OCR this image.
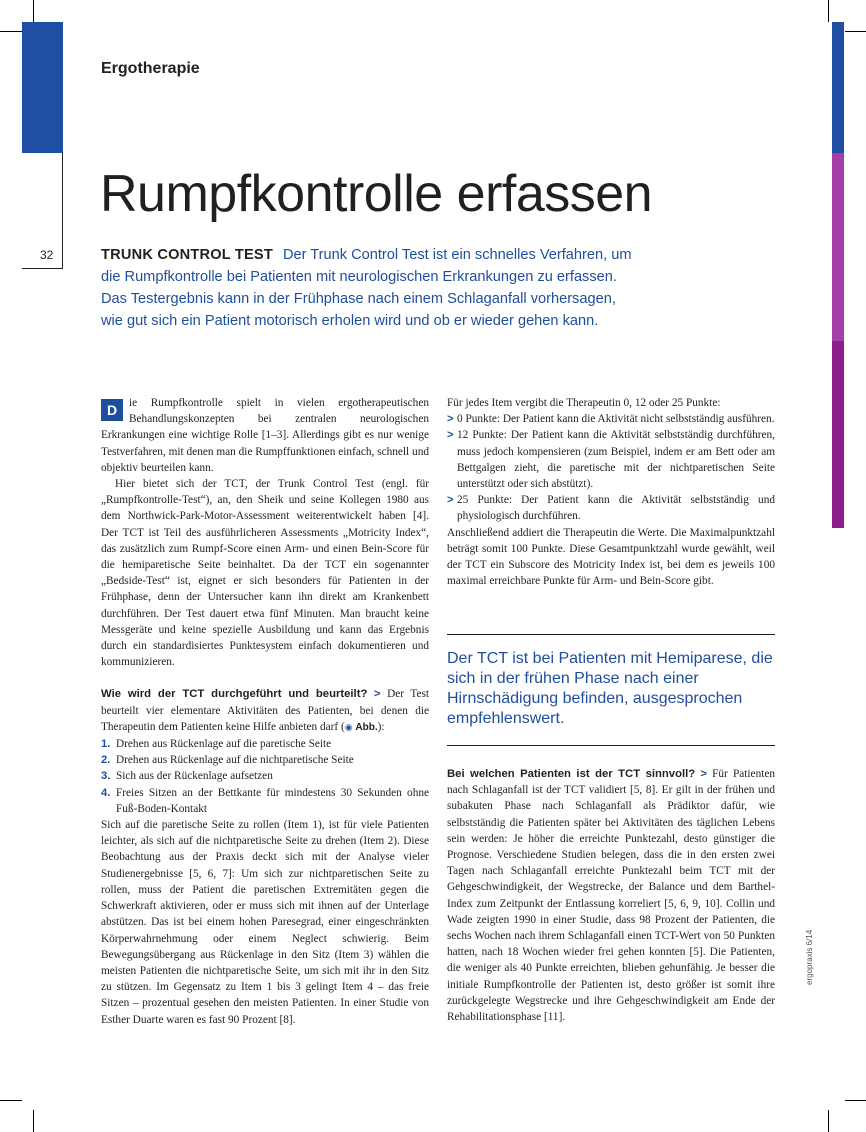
32
Ergotherapie
Rumpfkontrolle erfassen
TRUNK CONTROL TEST Der Trunk Control Test ist ein schnelles Verfahren, um die Rumpfkontrolle bei Patienten mit neurologischen Erkrankungen zu erfassen. Das Testergebnis kann in der Frühphase nach einem Schlaganfall vorhersagen, wie gut sich ein Patient motorisch erholen wird und ob er wieder gehen kann.

D	ie Rumpfkontrolle spielt in vielen ergotherapeutischen Behandlungskonzepten bei zentralen neurologischen Erkrankungen eine wichtige Rolle [1–3]. Allerdings gibt es nur wenige Testverfahren, mit denen man die Rumpffunktionen einfach, schnell und objektiv beurteilen kann.

Hier bietet sich der TCT, der Trunk Control Test (engl. für „Rumpfkontrolle-Test“), an, den Sheik und seine Kollegen 1980 aus dem Northwick-Park-Motor-Assessment weiterentwickelt haben [4]. Der TCT ist Teil des ausführlicheren Assessments „Motricity Index“, das zusätzlich zum Rumpf-Score einen Arm- und einen Bein-Score für die hemiparetische Seite beinhaltet. Da der TCT ein sogenannter „Bedside-Test“ ist, eignet er sich besonders für Patienten in der Frühphase, denn der Untersucher kann ihn direkt am Krankenbett durchführen. Der Test dauert etwa fünf Minuten. Man braucht keine Messgeräte und keine spezielle Ausbildung und kann das Ergebnis durch ein standardisiertes Punktesystem einfach dokumentieren und kommunizieren.

Wie wird der TCT durchgeführt und beurteilt? > Der Test beurteilt vier elementare Aktivitäten des Patienten, bei denen die Therapeutin dem Patienten keine Hilfe anbieten darf (◉ Abb.):

1. Drehen aus Rückenlage auf die paretische Seite
2. Drehen aus Rückenlage auf die nichtparetische Seite
3. Sich aus der Rückenlage aufsetzen
4. Freies Sitzen an der Bettkante für mindestens 30 Sekunden ohne Fuß-Boden-Kontakt

Sich auf die paretische Seite zu rollen (Item 1), ist für viele Patienten leichter, als sich auf die nichtparetische Seite zu drehen (Item 2). Diese Beobachtung aus der Praxis deckt sich mit der Analyse vieler Studienergebnisse [5, 6, 7]: Um sich zur nichtparetischen Seite zu rollen, muss der Patient die paretischen Extremitäten gegen die Schwerkraft aktivieren, oder er muss sich mit ihnen auf der Unterlage abstützen. Das ist bei einem hohen Paresegrad, einer eingeschränkten Körperwahrnehmung oder einem Neglect schwierig. Beim Bewegungsübergang aus Rückenlage in den Sitz (Item 3) wählen die meisten Patienten die nichtparetische Seite, um sich mit ihr in den Sitz zu stützen. Im Gegensatz zu Item 1 bis 3 gelingt Item 4 – das freie Sitzen – prozentual gesehen den meisten Patienten. In einer Studie von Esther Duarte waren es fast 90 Prozent [8].

Für jedes Item vergibt die Therapeutin 0, 12 oder 25 Punkte:

> 0 Punkte: Der Patient kann die Aktivität nicht selbstständig ausführen.
> 12 Punkte: Der Patient kann die Aktivität selbstständig durchführen, muss jedoch kompensieren (zum Beispiel, indem er am Bett oder am Bettgalgen zieht, die paretische mit der nichtparetischen Seite unterstützt oder sich abstützt).
> 25 Punkte: Der Patient kann die Aktivität selbstständig und physiologisch durchführen.

Anschließend addiert die Therapeutin die Werte. Die Maximalpunktzahl beträgt somit 100 Punkte. Diese Gesamtpunktzahl wurde gewählt, weil der TCT ein Subscore des Motricity Index ist, bei dem es jeweils 100 maximal erreichbare Punkte für Arm- und Bein-Score gibt.

Der TCT ist bei Patienten mit Hemiparese, die sich in der frühen Phase nach einer Hirnschädigung befinden, ausgesprochen empfehlenswert.

Bei welchen Patienten ist der TCT sinnvoll? > Für Patienten nach Schlaganfall ist der TCT validiert [5, 8]. Er gilt in der frühen und subakuten Phase nach Schlaganfall als Prädiktor dafür, wie selbstständig die Patienten später bei Aktivitäten des täglichen Lebens sein werden: Je höher die erreichte Punktezahl, desto günstiger die Prognose. Verschiedene Studien belegen, dass die in den ersten zwei Tagen nach Schlaganfall erreichte Punktezahl beim TCT mit der Gehgeschwindigkeit, der Wegstrecke, der Balance und dem Barthel-Index zum Zeitpunkt der Entlassung korreliert [5, 6, 9, 10]. Collin und Wade zeigten 1990 in einer Studie, dass 98 Prozent der Patienten, die sechs Wochen nach ihrem Schlaganfall einen TCT-Wert von 50 Punkten hatten, nach 18 Wochen wieder frei gehen konnten [5]. Die Patienten, die weniger als 40 Punkte erreichten, blieben gehunfähig. Je besser die initiale Rumpfkontrolle der Patienten ist, desto größer ist somit ihre zurückgelegte Wegstrecke und ihre Gehgeschwindigkeit am Ende der Rehabilitationsphase [11].

ergopraxis 6/14
